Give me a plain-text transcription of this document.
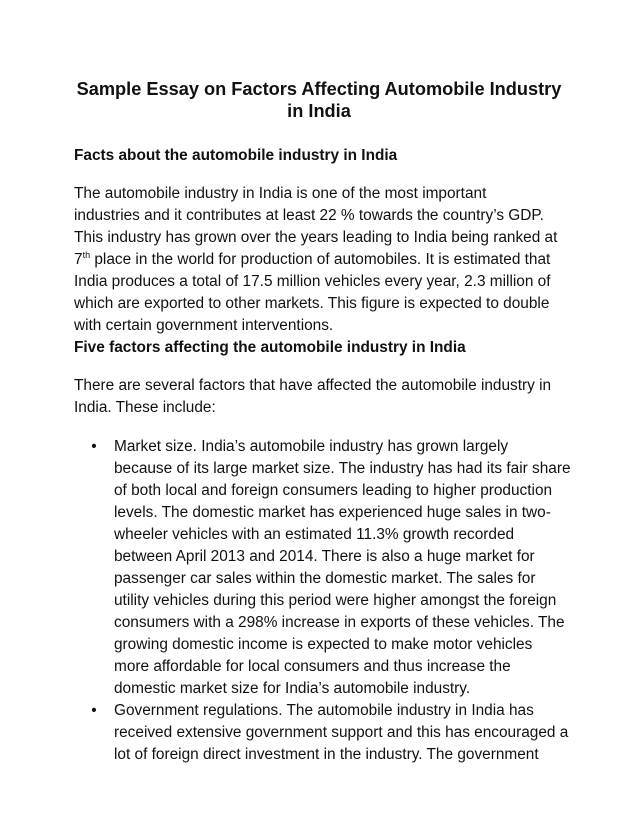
Sample Essay on Factors Affecting Automobile Industry
in India
Facts about the automobile industry in India
The automobile industry in India is one of the most important
industries and it contributes at least 22 % towards the country’s GDP.
This industry has grown over the years leading to India being ranked at
7th place in the world for production of automobiles. It is estimated that
India produces a total of 17.5 million vehicles every year, 2.3 million of
which are exported to other markets. This figure is expected to double
with certain government interventions.
Five factors affecting the automobile industry in India
There are several factors that have affected the automobile industry in
India. These include:
• Market size. India’s automobile industry has grown largely
because of its large market size. The industry has had its fair share
of both local and foreign consumers leading to higher production
levels. The domestic market has experienced huge sales in two-
wheeler vehicles with an estimated 11.3% growth recorded
between April 2013 and 2014. There is also a huge market for
passenger car sales within the domestic market. The sales for
utility vehicles during this period were higher amongst the foreign
consumers with a 298% increase in exports of these vehicles. The
growing domestic income is expected to make motor vehicles
more affordable for local consumers and thus increase the
domestic market size for India’s automobile industry.
• Government regulations. The automobile industry in India has
received extensive government support and this has encouraged a
lot of foreign direct investment in the industry. The government
